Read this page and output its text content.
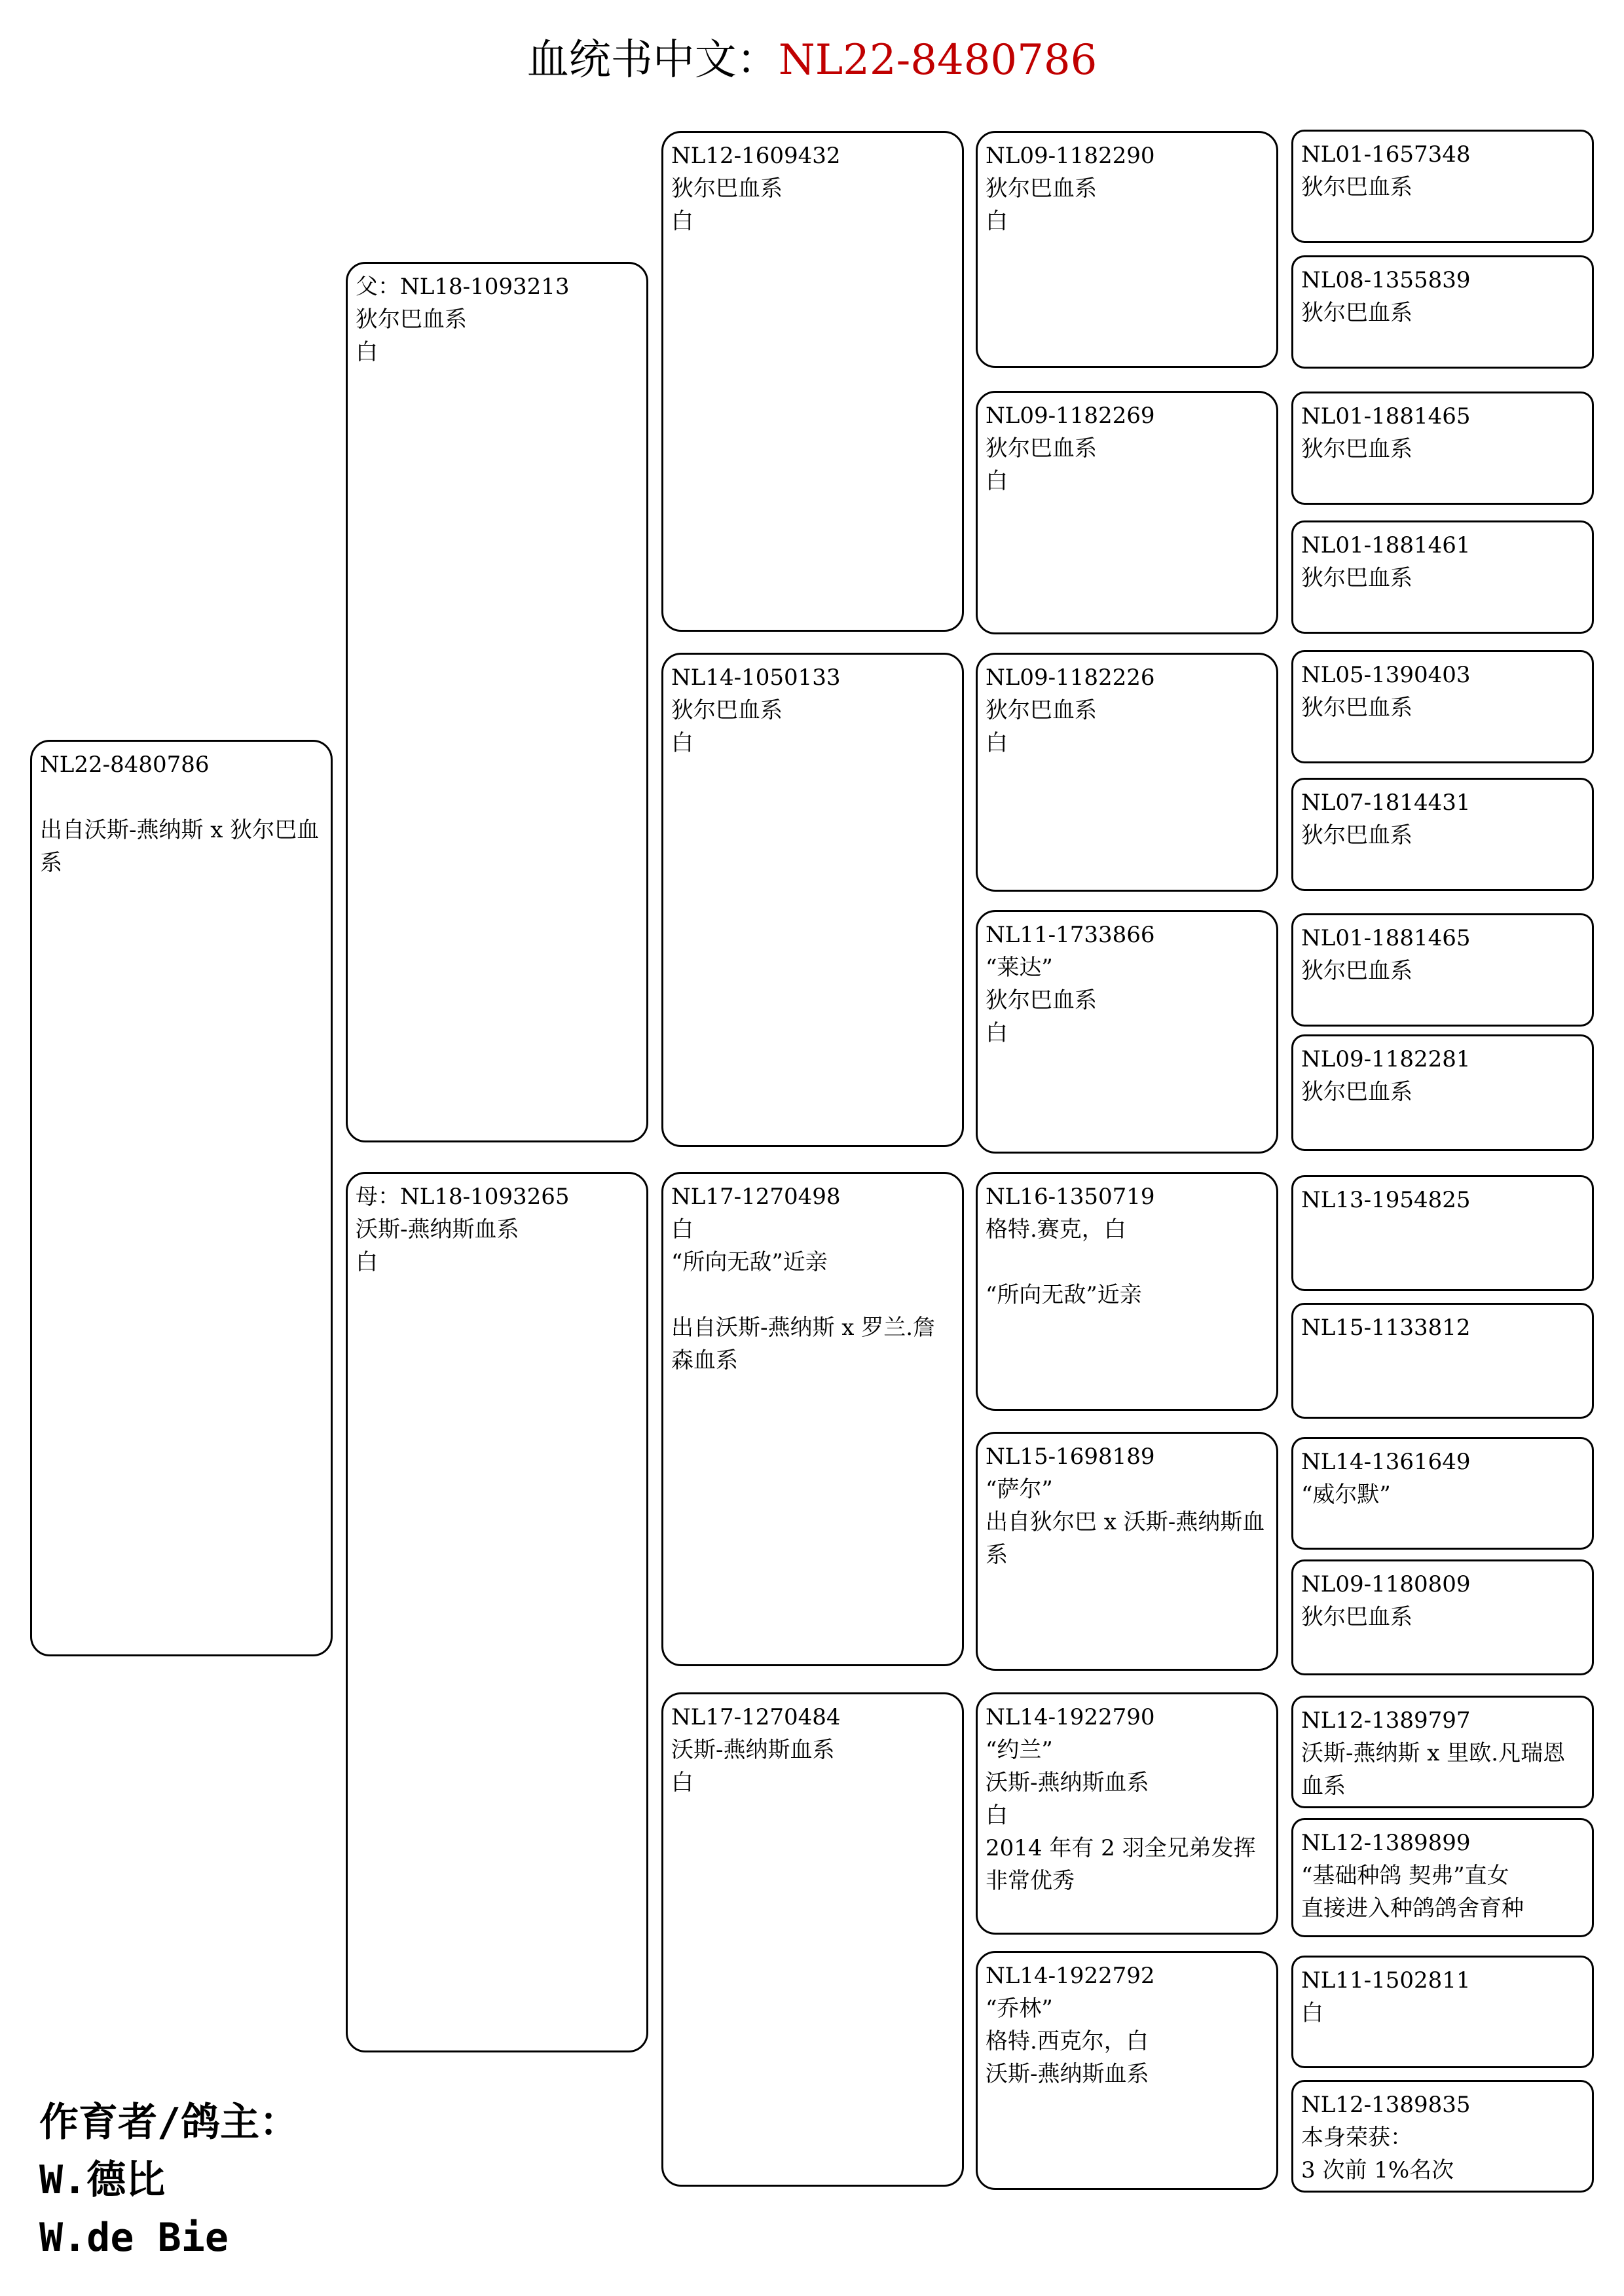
血统书中文：NL22-8480786
NL22-8480786

出自沃斯-燕纳斯 x 狄尔巴血系
父：NL18-1093213
狄尔巴血系
白
母：NL18-1093265
沃斯-燕纳斯血系
白
NL12-1609432
狄尔巴血系
白
NL14-1050133
狄尔巴血系
白
NL17-1270498
白
“所向无敌”近亲

出自沃斯-燕纳斯 x 罗兰.詹森血系
NL17-1270484
沃斯-燕纳斯血系
白
NL09-1182290
狄尔巴血系
白
NL09-1182269
狄尔巴血系
白
NL09-1182226
狄尔巴血系
白
NL11-1733866
“莱达”
狄尔巴血系
白
NL16-1350719
格特.赛克，白

“所向无敌”近亲
NL15-1698189
“萨尔”
出自狄尔巴 x 沃斯-燕纳斯血系
NL14-1922790
“约兰”
沃斯-燕纳斯血系
白
2014 年有 2 羽全兄弟发挥非常优秀
NL14-1922792
“乔林”
格特.西克尔，白
沃斯-燕纳斯血系
NL01-1657348
狄尔巴血系
NL08-1355839
狄尔巴血系
NL01-1881465
狄尔巴血系
NL01-1881461
狄尔巴血系
NL05-1390403
狄尔巴血系
NL07-1814431
狄尔巴血系
NL01-1881465
狄尔巴血系
NL09-1182281
狄尔巴血系
NL13-1954825
NL15-1133812
NL14-1361649
“威尔默”
NL09-1180809
狄尔巴血系
NL12-1389797
沃斯-燕纳斯 x 里欧.凡瑞恩血系
NL12-1389899
“基础种鸽 契弗”直女
直接进入种鸽鸽舍育种
NL11-1502811
白
NL12-1389835
本身荣获：
3 次前 1%名次
作育者/鸽主：
W.德比
W.de Bie
